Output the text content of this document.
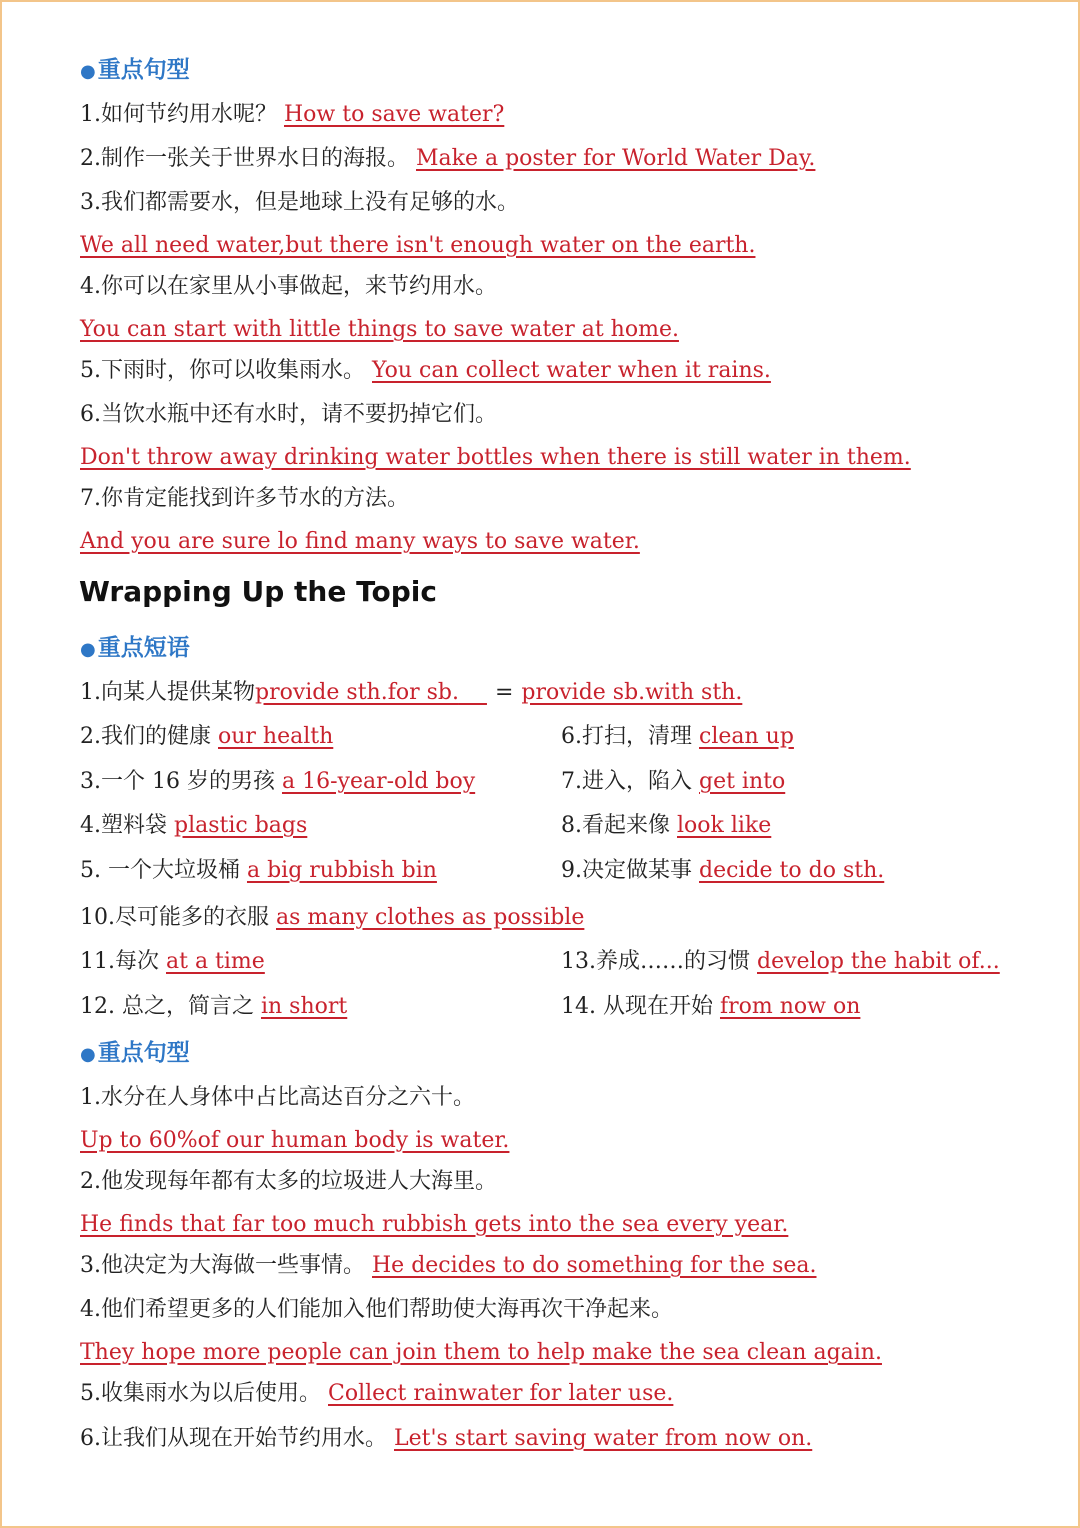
●重点句型
1.如何节约用水呢？ How to save water?
2.制作一张关于世界水日的海报。 Make a poster for World Water Day.
3.我们都需要水，但是地球上没有足够的水。
We all need water,but there isn't enough water on the earth.
4.你可以在家里从小事做起，来节约用水。
You can start with little things to save water at home.
5.下雨时，你可以收集雨水。 You can collect water when it rains.
6.当饮水瓶中还有水时，请不要扔掉它们。
Don't throw away drinking water bottles when there is still water in them.
7.你肯定能找到许多节水的方法。
And you are sure lo find many ways to save water.
Wrapping Up the Topic
●重点短语
1.向某人提供某物provide sth.for sb. = provide sb.with sth.
2.我们的健康 our health	6.打扫，清理 clean up
3.一个 16 岁的男孩 a 16-year-old boy	7.进入，陷入 get into
4.塑料袋 plastic bags	8.看起来像 look like
5. 一个大垃圾桶 a big rubbish bin	9.决定做某事 decide to do sth.
10.尽可能多的衣服 as many clothes as possible
11.每次 at a time	13.养成……的习惯 develop the habit of...
12. 总之，简言之 in short	14. 从现在开始 from now on
●重点句型
1.水分在人身体中占比高达百分之六十。
Up to 60%of our human body is water.
2.他发现每年都有太多的垃圾进人大海里。
He finds that far too much rubbish gets into the sea every year.
3.他决定为大海做一些事情。 He decides to do something for the sea.
4.他们希望更多的人们能加入他们帮助使大海再次干净起来。
They hope more people can join them to help make the sea clean again.
5.收集雨水为以后使用。 Collect rainwater for later use.
6.让我们从现在开始节约用水。 Let's start saving water from now on.
